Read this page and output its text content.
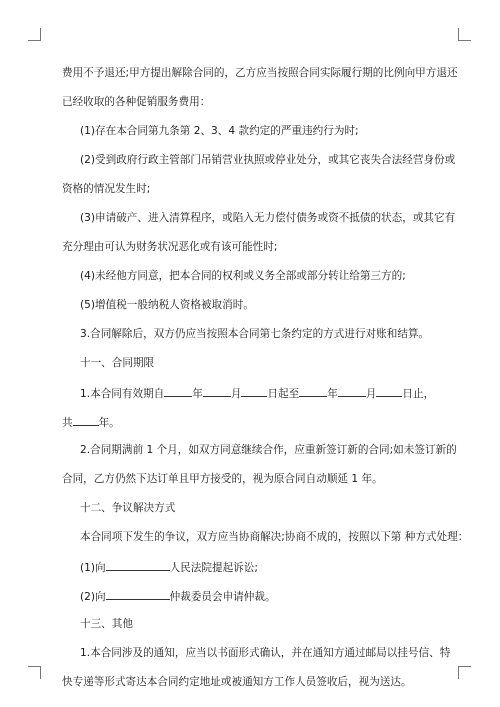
费用不予退还;甲方提出解除合同的，乙方应当按照合同实际履行期的比例向甲方退还
已经收取的各种促销服务费用：
(1)存在本合同第九条第 2、3、4 款约定的严重违约行为时;
(2)受到政府行政主管部门吊销营业执照或停业处分，或其它丧失合法经营身份或
资格的情况发生时;
(3)申请破产、进入清算程序，或陷入无力偿付债务或资不抵债的状态，或其它有
充分理由可认为财务状况恶化或有该可能性时;
(4)未经他方同意，把本合同的权利或义务全部或部分转让给第三方的;
(5)增值税一般纳税人资格被取消时。
3.合同解除后，双方仍应当按照本合同第七条约定的方式进行对账和结算。
十一、合同期限
1.本合同有效期自	年	月 日起至	年	月 日止，
共 年。
2.合同期满前 1 个月，如双方同意继续合作，应重新签订新的合同;如未签订新的
合同，乙方仍然下达订单且甲方接受的，视为原合同自动顺延 1 年。
十二、争议解决方式
本合同项下发生的争议，双方应当协商解决;协商不成的，按照以下第 种方式处理：
(1)向	人民法院提起诉讼;
(2)向	仲裁委员会申请仲裁。
十三、其他
1.本合同涉及的通知，应当以书面形式确认，并在通知方通过邮局以挂号信、特
快专递等形式寄达本合同约定地址或被通知方工作人员签收后，视为送达。
